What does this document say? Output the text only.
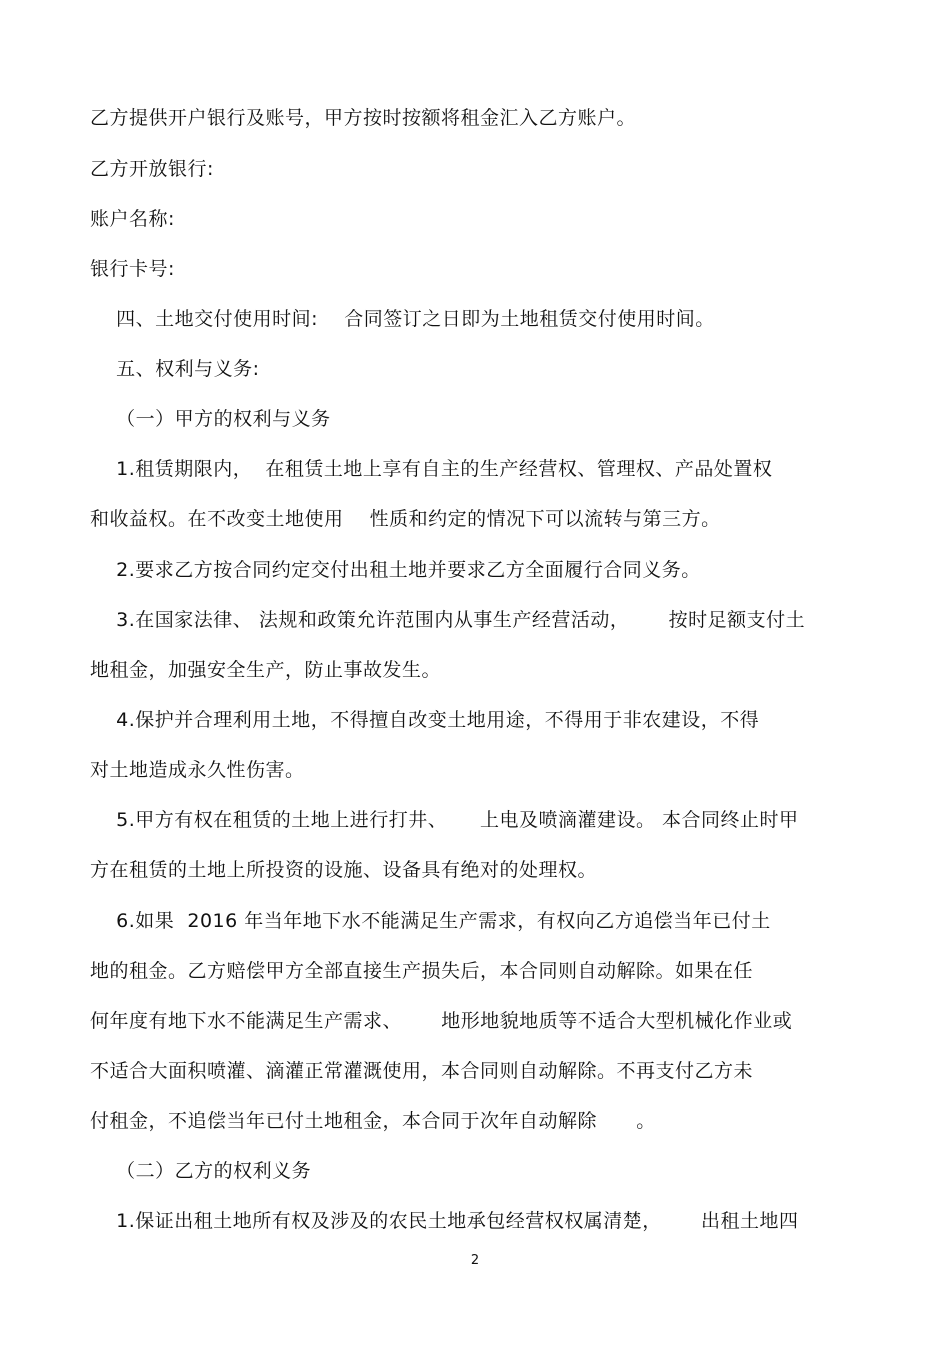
乙方提供开户银行及账号，甲方按时按额将租金汇入乙方账户。
乙方开放银行:
账户名称:
银行卡号:
四、土地交付使用时间:    合同签订之日即为土地租赁交付使用时间。
五、权利与义务:
（一）甲方的权利与义务
1.租赁期限内，  在租赁土地上享有自主的生产经营权、管理权、产品处置权
和收益权。在不改变土地使用    性质和约定的情况下可以流转与第三方。
2.要求乙方按合同约定交付出租土地并要求乙方全面履行合同义务。
3.在国家法律、 法规和政策允许范围内从事生产经营活动，      按时足额支付土
地租金，加强安全生产，防止事故发生。
4.保护并合理利用土地，不得擅自改变土地用途，不得用于非农建设，不得
对土地造成永久性伤害。
5.甲方有权在租赁的土地上进行打井、     上电及喷滴灌建设。 本合同终止时甲
方在租赁的土地上所投资的设施、设备具有绝对的处理权。
6.如果  2016 年当年地下水不能满足生产需求，有权向乙方追偿当年已付土
地的租金。乙方赔偿甲方全部直接生产损失后，本合同则自动解除。如果在任
何年度有地下水不能满足生产需求、      地形地貌地质等不适合大型机械化作业或
不适合大面积喷灌、滴灌正常灌溉使用，本合同则自动解除。不再支付乙方未
付租金，不追偿当年已付土地租金，本合同于次年自动解除      。
（二）乙方的权利义务
1.保证出租土地所有权及涉及的农民土地承包经营权权属清楚，      出租土地四
2
